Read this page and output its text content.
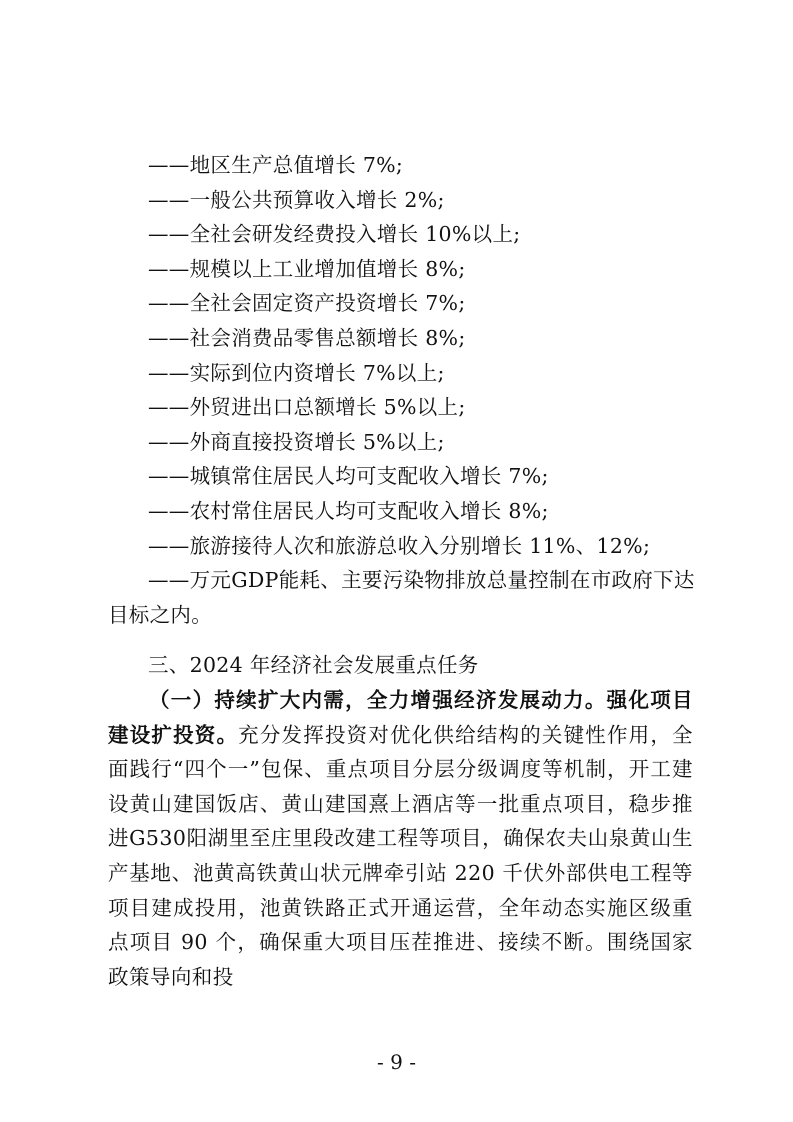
——地区生产总值增长 7%;
——一般公共预算收入增长 2%;
——全社会研发经费投入增长 10%以上;
——规模以上工业增加值增长 8%;
——全社会固定资产投资增长 7%;
——社会消费品零售总额增长 8%;
——实际到位内资增长 7%以上;
——外贸进出口总额增长 5%以上;
——外商直接投资增长 5%以上;
——城镇常住居民人均可支配收入增长 7%;
——农村常住居民人均可支配收入增长 8%;
——旅游接待人次和旅游总收入分别增长 11%、12%;
——万元GDP能耗、主要污染物排放总量控制在市政府下达
目标之内。
三、2024 年经济社会发展重点任务

（一）持续扩大内需，全力增强经济发展动力。强化项目建设扩投资。充分发挥投资对优化供给结构的关键性作用，全面践行“四个一”包保、重点项目分层分级调度等机制，开工建设黄山建国饭店、黄山建国熹上酒店等一批重点项目，稳步推进G530阳湖里至庄里段改建工程等项目，确保农夫山泉黄山生产基地、池黄高铁黄山状元牌牵引站 220 千伏外部供电工程等项目建成投用，池黄铁路正式开通运营，全年动态实施区级重点项目 90 个，确保重大项目压茬推进、接续不断。围绕国家政策导向和投

- 9 -
